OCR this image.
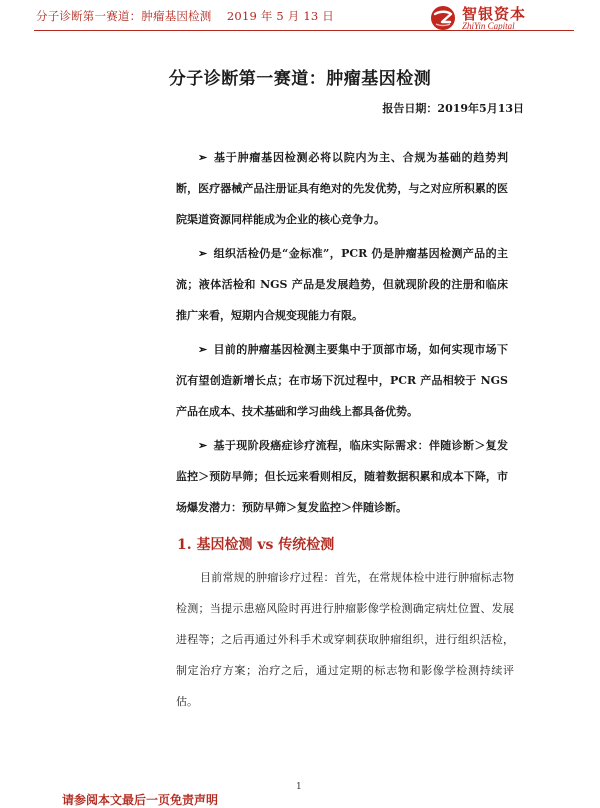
分子诊断第一赛道：肿瘤基因检测    2019 年 5 月 13 日	智银资本
ZhiYin Capital
分子诊断第一赛道：肿瘤基因检测
报告日期：2019年5月13日
➢ 基于肿瘤基因检测必将以院内为主、合规为基础的趋势判断，医疗器械产品注册证具有绝对的先发优势，与之对应所积累的医院渠道资源同样能成为企业的核心竞争力。
➢ 组织活检仍是“金标准”，PCR 仍是肿瘤基因检测产品的主流；液体活检和 NGS 产品是发展趋势，但就现阶段的注册和临床推广来看，短期内合规变现能力有限。
➢ 目前的肿瘤基因检测主要集中于顶部市场，如何实现市场下沉有望创造新增长点；在市场下沉过程中，PCR 产品相较于 NGS 产品在成本、技术基础和学习曲线上都具备优势。
➢ 基于现阶段癌症诊疗流程，临床实际需求：伴随诊断＞复发监控＞预防早筛；但长远来看则相反，随着数据积累和成本下降，市场爆发潜力：预防早筛＞复发监控＞伴随诊断。
1. 基因检测 vs 传统检测

目前常规的肿瘤诊疗过程：首先，在常规体检中进行肿瘤标志物检测；当提示患癌风险时再进行肿瘤影像学检测确定病灶位置、发展进程等；之后再通过外科手术或穿刺获取肿瘤组织，进行组织活检，制定治疗方案；治疗之后，通过定期的标志物和影像学检测持续评估。

1
请参阅本文最后一页免责声明
